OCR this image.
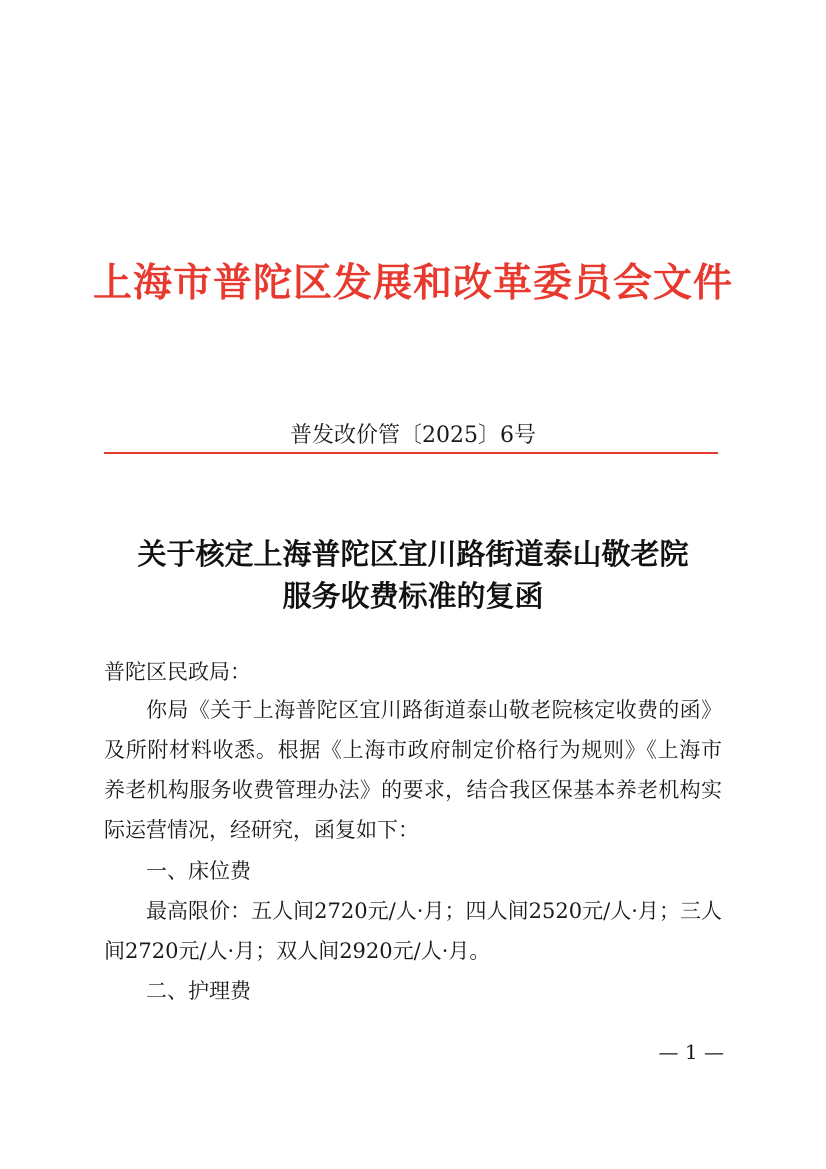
上海市普陀区发展和改革委员会文件
普发改价管〔2025〕6号
关于核定上海普陀区宜川路街道泰山敬老院
服务收费标准的复函
普陀区民政局：
你局《关于上海普陀区宜川路街道泰山敬老院核定收费的函》及所附材料收悉。根据《上海市政府制定价格行为规则》《上海市养老机构服务收费管理办法》的要求，结合我区保基本养老机构实际运营情况，经研究，函复如下：
一、床位费
最高限价：五人间2720元/人·月；四人间2520元/人·月；三人间2720元/人·月；双人间2920元/人·月。
二、护理费
— 1 —
